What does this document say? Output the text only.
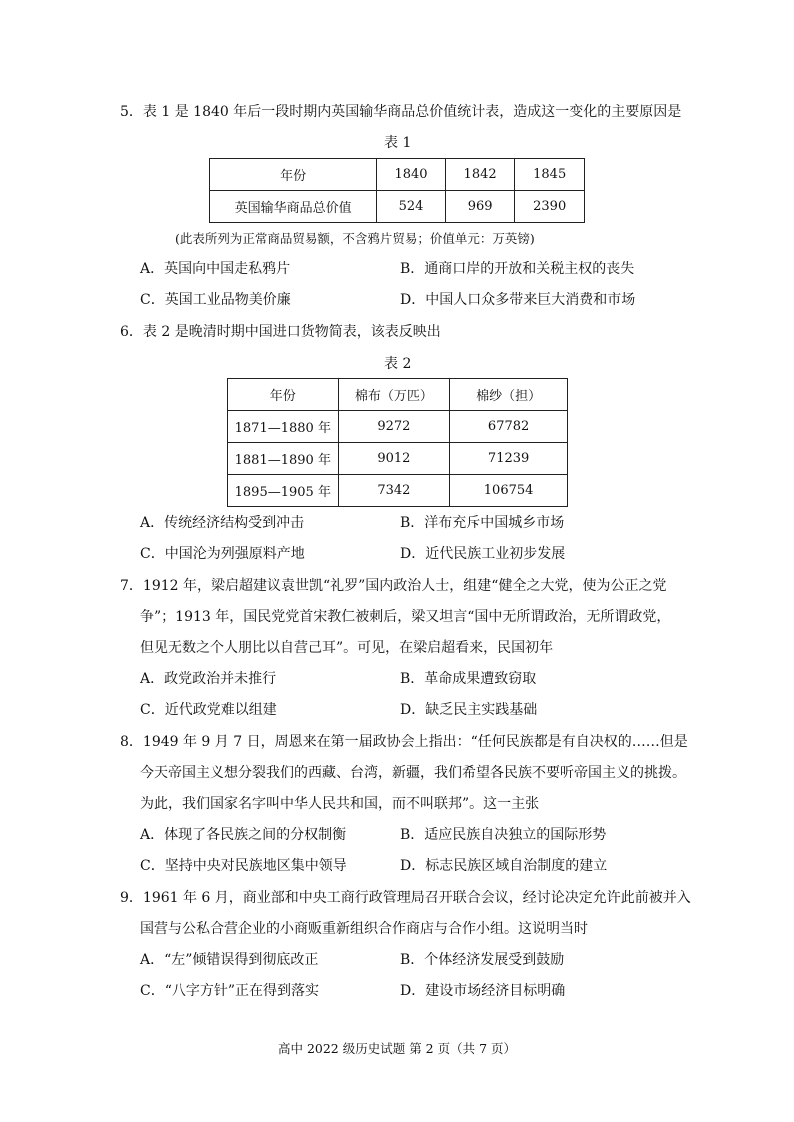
5．表 1 是 1840 年后一段时期内英国输华商品总价值统计表，造成这一变化的主要原因是
表 1
年份	1840	1842	1845
英国输华商品总价值	524	969	2390
(此表所列为正常商品贸易额，不含鸦片贸易；价值单元：万英镑)
A．英国向中国走私鸦片	B．通商口岸的开放和关税主权的丧失
C．英国工业品物美价廉	D．中国人口众多带来巨大消费和市场
6．表 2 是晚清时期中国进口货物简表，该表反映出
表 2
年份	棉布（万匹）	棉纱（担）
1871—1880 年	9272	67782
1881—1890 年	9012	71239
1895—1905 年	7342	106754
A．传统经济结构受到冲击	B．洋布充斥中国城乡市场
C．中国沦为列强原料产地	D．近代民族工业初步发展
7．1912 年，梁启超建议袁世凯“礼罗”国内政治人士，组建“健全之大党，使为公正之党
争”；1913 年，国民党党首宋教仁被刺后，梁又坦言“国中无所谓政治，无所谓政党，
但见无数之个人朋比以自营己耳”。可见，在梁启超看来，民国初年
A．政党政治并未推行	B．革命成果遭致窃取
C．近代政党难以组建	D．缺乏民主实践基础
8．1949 年 9 月 7 日，周恩来在第一届政协会上指出：“任何民族都是有自决权的……但是
今天帝国主义想分裂我们的西藏、台湾，新疆，我们希望各民族不要听帝国主义的挑拨。
为此，我们国家名字叫中华人民共和国，而不叫联邦”。这一主张
A．体现了各民族之间的分权制衡	B．适应民族自决独立的国际形势
C．坚持中央对民族地区集中领导	D．标志民族区域自治制度的建立
9．1961 年 6 月，商业部和中央工商行政管理局召开联合会议，经讨论决定允许此前被并入
国营与公私合营企业的小商贩重新组织合作商店与合作小组。这说明当时
A．“左”倾错误得到彻底改正	B．个体经济发展受到鼓励
C．“八字方针”正在得到落实	D．建设市场经济目标明确
高中 2022 级历史试题 第 2 页（共 7 页）
